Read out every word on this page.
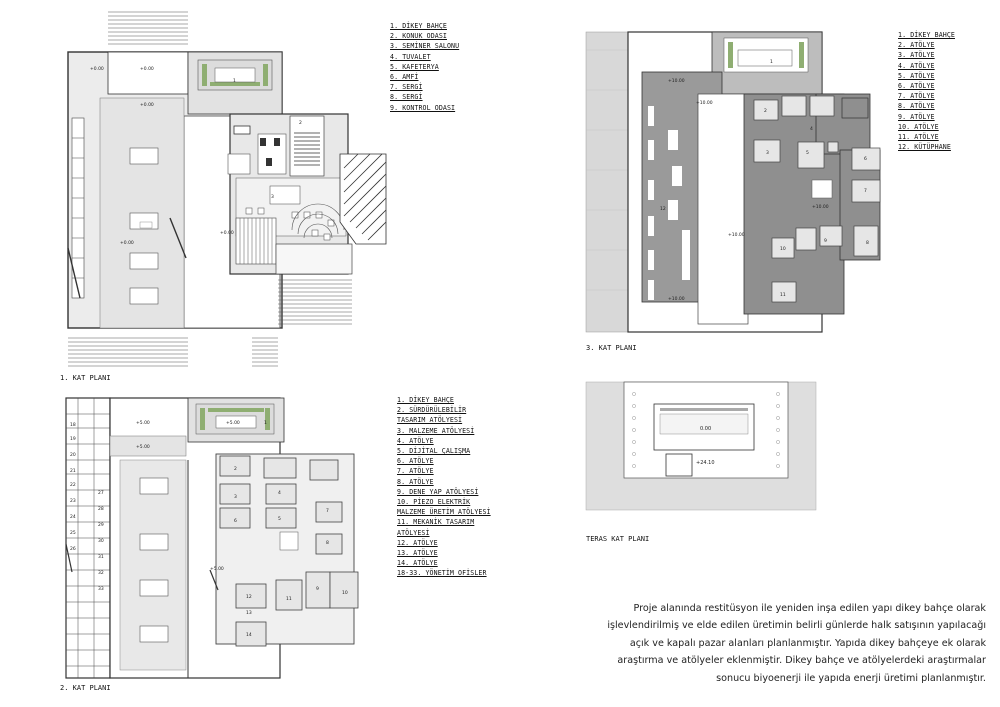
+0.00	+0.00
+0.00
+0.00
+0.00
1
2
3
1. DİKEY BAHÇE
2. KONUK ODASI
3. SEMİNER SALONU
4. TUVALET
5. KAFETERYA
6. AMFİ
7. SERGİ
8. SERGİ
9. KONTROL ODASI
1. KAT PLANI
+5.00
+5.00
+5.00
+5.00	1
2
3
4
5
6
7
8
9
10
11
12
13
14
18
19
20
21
22
23
24
25
26
27
28
29
30
31
32
33
1. DİKEY BAHÇE
2. SÜRDÜRÜLEBİLİR
TASARIM ATÖLYESİ
3. MALZEME ATÖLYESİ
4. ATÖLYE
5. DİJİTAL ÇALIŞMA
6. ATÖLYE
7. ATÖLYE
8. ATÖLYE
9. DENE YAP ATÖLYESİ
10. PİEZO ELEKTRİK
MALZEME ÜRETİM ATÖLYESİ
11. MEKANİK TASARIM
ATÖLYESİ
12. ATÖLYE
13. ATÖLYE
14. ATÖLYE
18-33. YÖNETİM OFİSLER
2. KAT PLANI
+10.00
+10.00
+10.00
+10.00
+10.00
1
2
3
4
5
6
7
8
9
10
11
12
1. DİKEY BAHÇE
2. ATÖLYE
3. ATÖLYE
4. ATÖLYE
5. ATÖLYE
6. ATÖLYE
7. ATÖLYE
8. ATÖLYE
9. ATÖLYE
10. ATÖLYE
11. ATÖLYE
12. KÜTÜPHANE
3. KAT PLANI
0.00
+24.10
TERAS KAT PLANI
Proje alanında restitüsyon ile yeniden inşa edilen yapı dikey bahçe olarak
işlevlendirilmiş ve elde edilen üretimin belirli günlerde halk satışının yapılacağı
açık ve kapalı pazar alanları planlanmıştır. Yapıda dikey bahçeye ek olarak
araştırma ve atölyeler eklenmiştir. Dikey bahçe ve atölyelerdeki araştırmalar
sonucu biyoenerji ile yapıda enerji üretimi planlanmıştır.
